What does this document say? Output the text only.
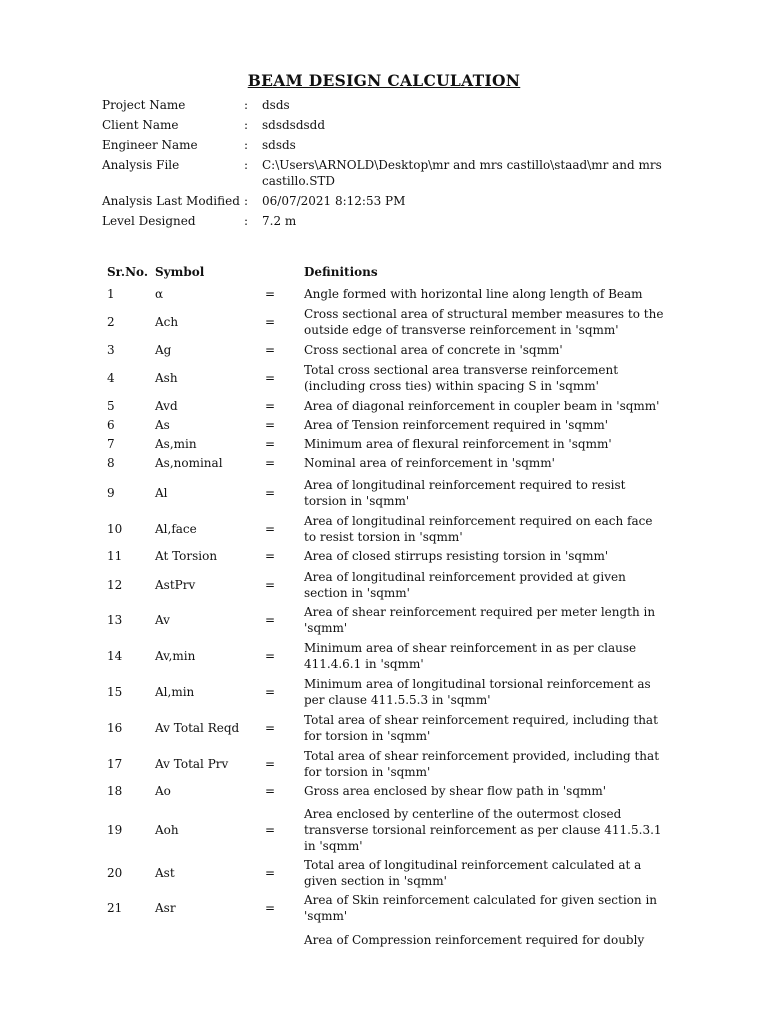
BEAM DESIGN CALCULATION
Project Name	: dsds
Client Name	: sdsdsdsdd
Engineer Name	: sdsds
Analysis File	: C:\Users\ARNOLD\Desktop\mr and mrs castillo\staad\mr and mrs castillo.STD
Analysis Last Modified : 06/07/2021 8:12:53 PM
Level Designed	: 7.2 m
Sr.No. Symbol	Definitions
1	α	= Angle formed with horizontal line along length of Beam
2	Ach	=
Cross sectional area of structural member measures to the outside edge of transverse reinforcement in 'sqmm'
3	Ag	= Cross sectional area of concrete in 'sqmm'
4	Ash	=
Total cross sectional area transverse reinforcement (including cross ties) within spacing S in 'sqmm'
5	Avd	= Area of diagonal reinforcement in coupler beam in 'sqmm'
6	As	= Area of Tension reinforcement required in 'sqmm'
7	As,min	= Minimum area of flexural reinforcement in 'sqmm'
8	As,nominal	= Nominal area of reinforcement in 'sqmm'
9	Al	=
Area of longitudinal reinforcement required to resist torsion in 'sqmm'
10	Al,face	=
Area of longitudinal reinforcement required on each face to resist torsion in 'sqmm'
11	At Torsion	= Area of closed stirrups resisting torsion in 'sqmm'
12	AstPrv	=
Area of longitudinal reinforcement provided at given section in 'sqmm'
13	Av	=
Area of shear reinforcement required per meter length in 'sqmm'
14	Av,min	=
Minimum area of shear reinforcement in as per clause 411.4.6.1 in 'sqmm'
15	Al,min	=
Minimum area of longitudinal torsional reinforcement as per clause 411.5.5.3 in 'sqmm'
16	Av Total Reqd =
Total area of shear reinforcement required, including that for torsion in 'sqmm'
17	Av Total Prv	=
Total area of shear reinforcement provided, including that for torsion in 'sqmm'
18	Ao	= Gross area enclosed by shear flow path in 'sqmm'
19	Aoh	=
Area enclosed by centerline of the outermost closed transverse torsional reinforcement as per clause 411.5.3.1 in 'sqmm'
20	Ast	=
Total area of longitudinal reinforcement calculated at a given section in 'sqmm'
21	Asr	=
Area of Skin reinforcement calculated for given section in 'sqmm'
Area of Compression reinforcement required for doubly
